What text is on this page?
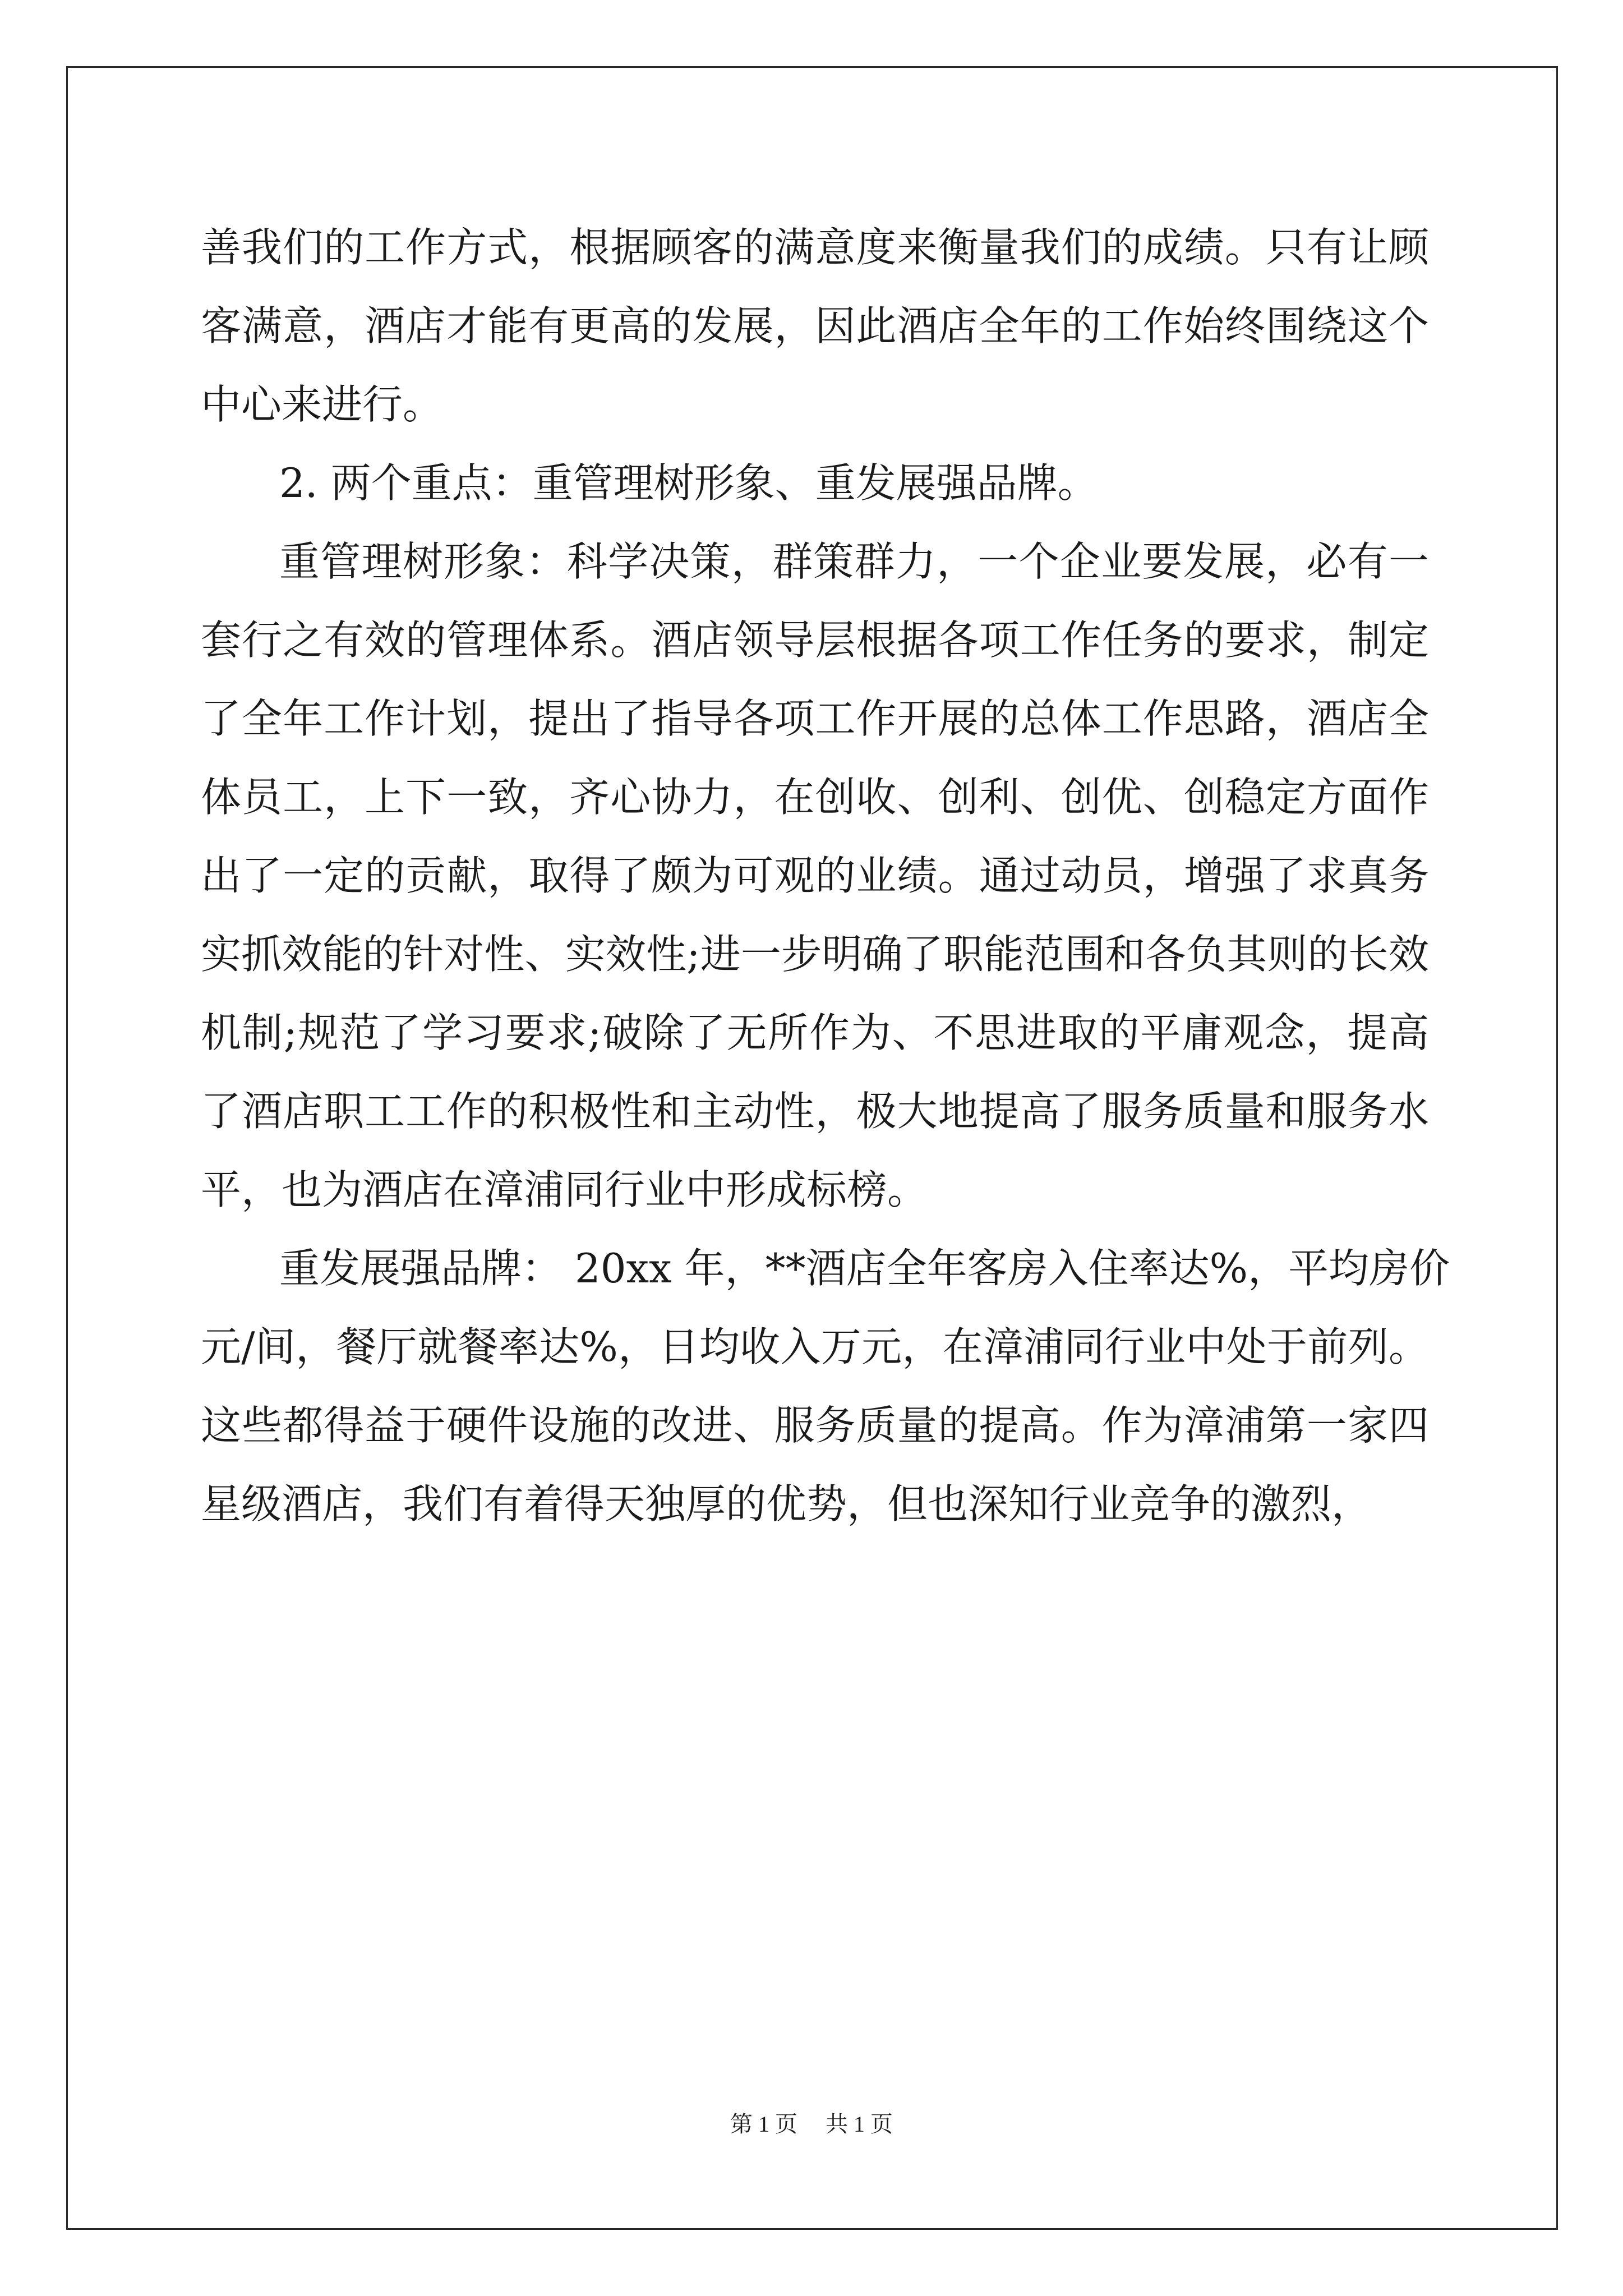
善我们的工作方式，根据顾客的满意度来衡量我们的成绩。只有让顾
客满意，酒店才能有更高的发展，因此酒店全年的工作始终围绕这个
中心来进行。
2. 两个重点：重管理树形象、重发展强品牌。
重管理树形象：科学决策，群策群力，一个企业要发展，必有一
套行之有效的管理体系。酒店领导层根据各项工作任务的要求，制定
了全年工作计划，提出了指导各项工作开展的总体工作思路，酒店全
体员工，上下一致，齐心协力，在创收、创利、创优、创稳定方面作
出了一定的贡献，取得了颇为可观的业绩。通过动员，增强了求真务
实抓效能的针对性、实效性;进一步明确了职能范围和各负其则的长效
机制;规范了学习要求;破除了无所作为、不思进取的平庸观念，提高
了酒店职工工作的积极性和主动性，极大地提高了服务质量和服务水
平，也为酒店在漳浦同行业中形成标榜。
重发展强品牌： 20xx 年，**酒店全年客房入住率达%，平均房价
元/间，餐厅就餐率达%，日均收入万元，在漳浦同行业中处于前列。
这些都得益于硬件设施的改进、服务质量的提高。作为漳浦第一家四
星级酒店，我们有着得天独厚的优势，但也深知行业竞争的激烈，
第 1 页 共 1 页
